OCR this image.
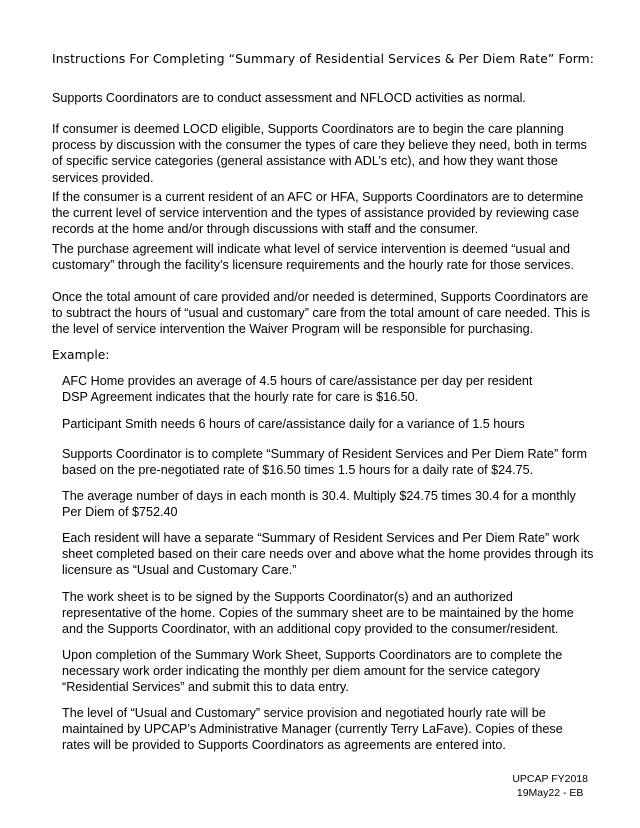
Instructions For Completing “Summary of Residential Services & Per Diem Rate” Form:
Supports Coordinators are to conduct assessment and NFLOCD activities as normal.
If consumer is deemed LOCD eligible, Supports Coordinators are to begin the care planning process by discussion with the consumer the types of care they believe they need, both in terms of specific service categories (general assistance with ADL’s etc), and how they want those services provided.
If the consumer is a current resident of an AFC or HFA, Supports Coordinators are to determine the current level of service intervention and the types of assistance provided by reviewing case records at the home and/or through discussions with staff and the consumer.
The purchase agreement will indicate what level of service intervention is deemed “usual and customary” through the facility’s licensure requirements and the hourly rate for those services.
Once the total amount of care provided and/or needed is determined, Supports Coordinators are to subtract the hours of “usual and customary” care from the total amount of care needed. This is the level of service intervention the Waiver Program will be responsible for purchasing.
Example:
AFC Home provides an average of 4.5 hours of care/assistance per day per resident DSP Agreement indicates that the hourly rate for care is $16.50.
Participant Smith needs 6 hours of care/assistance daily for a variance of 1.5 hours
Supports Coordinator is to complete “Summary of Resident Services and Per Diem Rate” form based on the pre-negotiated rate of $16.50 times 1.5 hours for a daily rate of $24.75.
The average number of days in each month is 30.4. Multiply $24.75 times 30.4 for a monthly Per Diem of $752.40
Each resident will have a separate “Summary of Resident Services and Per Diem Rate” work sheet completed based on their care needs over and above what the home provides through its licensure as “Usual and Customary Care.”
The work sheet is to be signed by the Supports Coordinator(s) and an authorized representative of the home. Copies of the summary sheet are to be maintained by the home and the Supports Coordinator, with an additional copy provided to the consumer/resident.
Upon completion of the Summary Work Sheet, Supports Coordinators are to complete the necessary work order indicating the monthly per diem amount for the service category “Residential Services” and submit this to data entry.
The level of “Usual and Customary” service provision and negotiated hourly rate will be maintained by UPCAP’s Administrative Manager (currently Terry LaFave). Copies of these rates will be provided to Supports Coordinators as agreements are entered into.
UPCAP FY2018
19May22 - EB
